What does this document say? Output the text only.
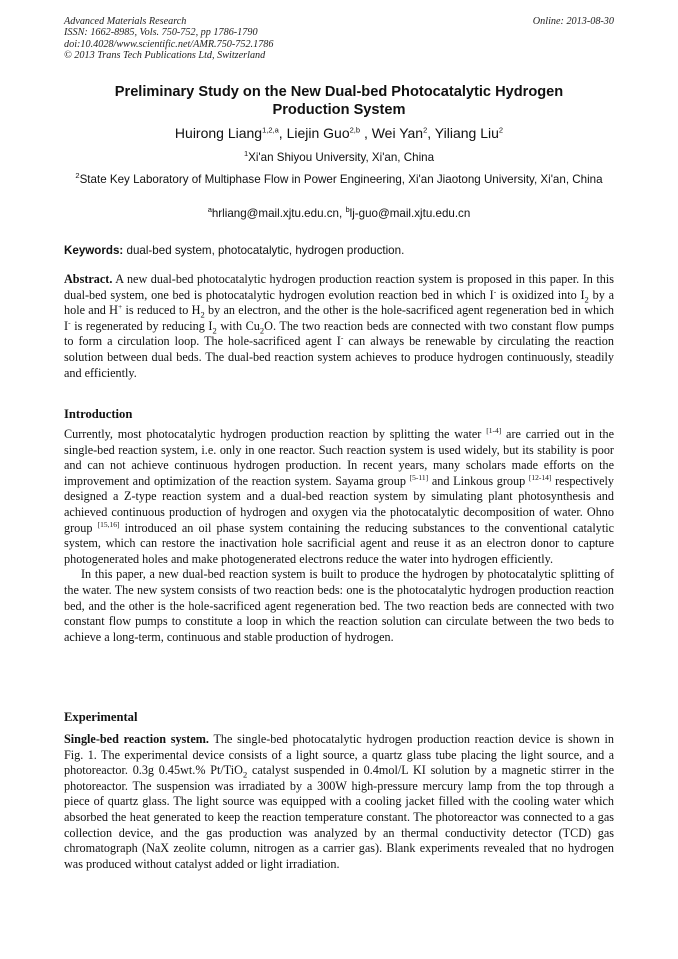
Advanced Materials Research
ISSN: 1662-8985, Vols. 750-752, pp 1786-1790
doi:10.4028/www.scientific.net/AMR.750-752.1786
© 2013 Trans Tech Publications Ltd, Switzerland
Online: 2013-08-30
Preliminary Study on the New Dual-bed Photocatalytic Hydrogen Production System
Huirong Liang$^{1,2,a}$, Liejin Guo$^{2,b}$ , Wei Yan$^2$, Yiliang Liu$^2$
$^1$Xi'an Shiyou University, Xi'an, China
$^2$State Key Laboratory of Multiphase Flow in Power Engineering, Xi'an Jiaotong University, Xi'an, China
$^a$hrliang@mail.xjtu.edu.cn, $^b$lj-guo@mail.xjtu.edu.cn
Keywords: dual-bed system, photocatalytic, hydrogen production.
Abstract. A new dual-bed photocatalytic hydrogen production reaction system is proposed in this paper. In this dual-bed system, one bed is photocatalytic hydrogen evolution reaction bed in which I- is oxidized into $I_2$ by a hole and H+ is reduced to $H_2$ by an electron, and the other is the hole-sacrificed agent regeneration bed in which I- is regenerated by reducing $I_2$ with $Cu_2O$. The two reaction beds are connected with two constant flow pumps to form a circulation loop. The hole-sacrificed agent I- can always be renewable by circulating the reaction solution between dual beds. The dual-bed reaction system achieves to produce hydrogen continuously, steadily and efficiently.
Introduction

Currently, most photocatalytic hydrogen production reaction by splitting the water [1-4] are carried out in the single-bed reaction system, i.e. only in one reactor. Such reaction system is used widely, but its stability is poor and can not achieve continuous hydrogen production. In recent years, many scholars made efforts on the improvement and optimization of the reaction system. Sayama group [5-11] and Linkous group [12-14] respectively designed a Z-type reaction system and a dual-bed reaction system by simulating plant photosynthesis and achieved continuous production of hydrogen and oxygen via the photocatalytic decomposition of water. Ohno group [15,16] introduced an oil phase system containing the reducing substances to the conventional catalytic system, which can restore the inactivation hole sacrificial agent and reuse it as an electron donor to capture photogenerated holes and make photogenerated electrons reduce the water into hydrogen efficiently.

In this paper, a new dual-bed reaction system is built to produce the hydrogen by photocatalytic splitting of the water. The new system consists of two reaction beds: one is the photocatalytic hydrogen production reaction bed, and the other is the hole-sacrificed agent regeneration bed. The two reaction beds are connected with two constant flow pumps to constitute a loop in which the reaction solution can circulate between the two beds to achieve a long-term, continuous and stable production of hydrogen.

Experimental
Single-bed reaction system. The single-bed photocatalytic hydrogen production reaction device is shown in Fig. 1. The experimental device consists of a light source, a quartz glass tube placing the light source, and a photoreactor. 0.3g 0.45wt.% Pt/TiO$_2$ catalyst suspended in 0.4mol/L KI solution by a magnetic stirrer in the photoreactor. The suspension was irradiated by a 300W high-pressure mercury lamp from the top through a piece of quartz glass. The light source was equipped with a cooling jacket filled with the cooling water which absorbed the heat generated to keep the reaction temperature constant. The photoreactor was connected to a gas collection device, and the gas production was analyzed by an thermal conductivity detector (TCD) gas chromatograph (NaX zeolite column, nitrogen as a carrier gas). Blank experiments revealed that no hydrogen was produced without catalyst added or light irradiation.
